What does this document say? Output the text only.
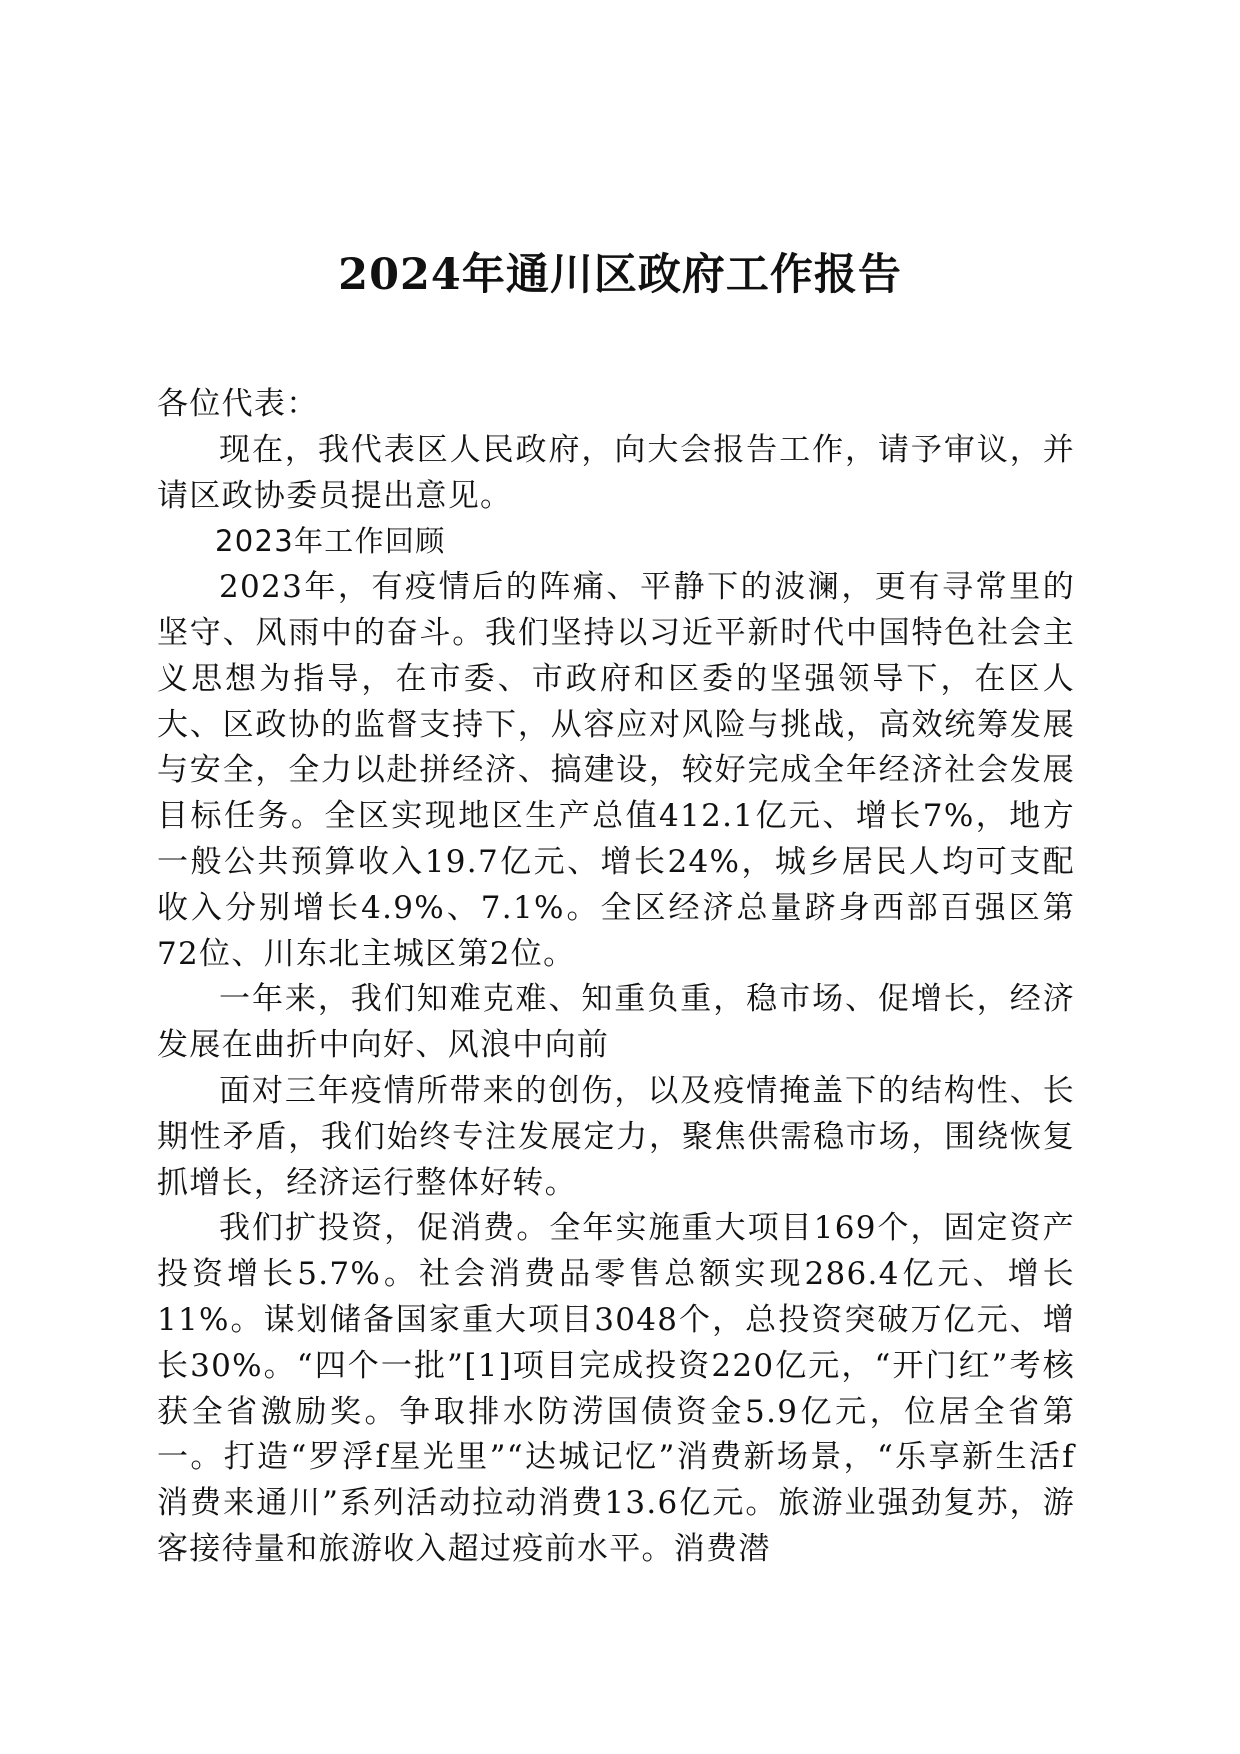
2024年通川区政府工作报告

各位代表：

现在，我代表区人民政府，向大会报告工作，请予审议，并请区政协委员提出意见。

2023年工作回顾

2023年，有疫情后的阵痛、平静下的波澜，更有寻常里的坚守、风雨中的奋斗。我们坚持以习近平新时代中国特色社会主义思想为指导，在市委、市政府和区委的坚强领导下，在区人大、区政协的监督支持下，从容应对风险与挑战，高效统筹发展与安全，全力以赴拼经济、搞建设，较好完成全年经济社会发展目标任务。全区实现地区生产总值412.1亿元、增长7%，地方一般公共预算收入19.7亿元、增长24%，城乡居民人均可支配收入分别增长4.9%、7.1%。全区经济总量跻身西部百强区第72位、川东北主城区第2位。

一年来，我们知难克难、知重负重，稳市场、促增长，经济发展在曲折中向好、风浪中向前

面对三年疫情所带来的创伤，以及疫情掩盖下的结构性、长期性矛盾，我们始终专注发展定力，聚焦供需稳市场，围绕恢复抓增长，经济运行整体好转。

我们扩投资，促消费。全年实施重大项目169个，固定资产投资增长5.7%。社会消费品零售总额实现286.4亿元、增长11%。谋划储备国家重大项目3048个，总投资突破万亿元、增长30%。“四个一批”[1]项目完成投资220亿元，“开门红”考核获全省激励奖。争取排水防涝国债资金5.9亿元，位居全省第一。打造“罗浮f星光里”“达城记忆”消费新场景，“乐享新生活f消费来通川”系列活动拉动消费13.6亿元。旅游业强劲复苏，游客接待量和旅游收入超过疫前水平。消费潜
